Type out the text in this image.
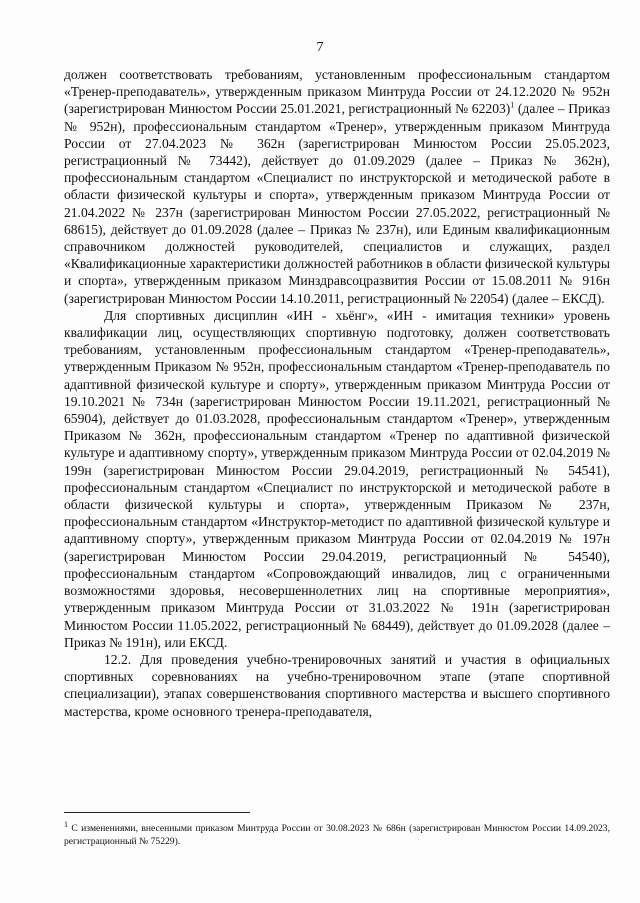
7

должен соответствовать требованиям, установленным профессиональным стандартом «Тренер-преподаватель», утвержденным приказом Минтруда России от 24.12.2020 № 952н (зарегистрирован Минюстом России 25.01.2021, регистрационный № 62203)$^1$ (далее – Приказ № 952н), профессиональным стандартом «Тренер», утвержденным приказом Минтруда России от 27.04.2023 № 362н (зарегистрирован Минюстом России 25.05.2023, регистрационный № 73442), действует до 01.09.2029 (далее – Приказ № 362н), профессиональным стандартом «Специалист по инструкторской и методической работе в области физической культуры и спорта», утвержденным приказом Минтруда России от 21.04.2022 № 237н (зарегистрирован Минюстом России 27.05.2022, регистрационный № 68615), действует до 01.09.2028 (далее – Приказ № 237н), или Единым квалификационным справочником должностей руководителей, специалистов и служащих, раздел «Квалификационные характеристики должностей работников в области физической культуры и спорта», утвержденным приказом Минздравсоцразвития России от 15.08.2011 № 916н (зарегистрирован Минюстом России 14.10.2011, регистрационный № 22054) (далее – ЕКСД).

Для спортивных дисциплин «ИН - хьёнг», «ИН - имитация техники» уровень квалификации лиц, осуществляющих спортивную подготовку, должен соответствовать требованиям, установленным профессиональным стандартом «Тренер-преподаватель», утвержденным Приказом № 952н, профессиональным стандартом «Тренер-преподаватель по адаптивной физической культуре и спорту», утвержденным приказом Минтруда России от 19.10.2021 № 734н (зарегистрирован Минюстом России 19.11.2021, регистрационный № 65904), действует до 01.03.2028, профессиональным стандартом «Тренер», утвержденным Приказом № 362н, профессиональным стандартом «Тренер по адаптивной физической культуре и адаптивному спорту», утвержденным приказом Минтруда России от 02.04.2019 № 199н (зарегистрирован Минюстом России 29.04.2019, регистрационный № 54541), профессиональным стандартом «Специалист по инструкторской и методической работе в области физической культуры и спорта», утвержденным Приказом № 237н, профессиональным стандартом «Инструктор-методист по адаптивной физической культуре и адаптивному спорту», утвержденным приказом Минтруда России от 02.04.2019 № 197н (зарегистрирован Минюстом России 29.04.2019, регистрационный № 54540), профессиональным стандартом «Сопровождающий инвалидов, лиц с ограниченными возможностями здоровья, несовершеннолетних лиц на спортивные мероприятия», утвержденным приказом Минтруда России от 31.03.2022 № 191н (зарегистрирован Минюстом России 11.05.2022, регистрационный № 68449), действует до 01.09.2028 (далее – Приказ № 191н), или ЕКСД.

12.2. Для проведения учебно-тренировочных занятий и участия в официальных спортивных соревнованиях на учебно-тренировочном этапе (этапе спортивной специализации), этапах совершенствования спортивного мастерства и высшего спортивного мастерства, кроме основного тренера-преподавателя,

$^1$ С изменениями, внесенными приказом Минтруда России от 30.08.2023 № 686н (зарегистрирован Минюстом России 14.09.2023, регистрационный № 75229).
